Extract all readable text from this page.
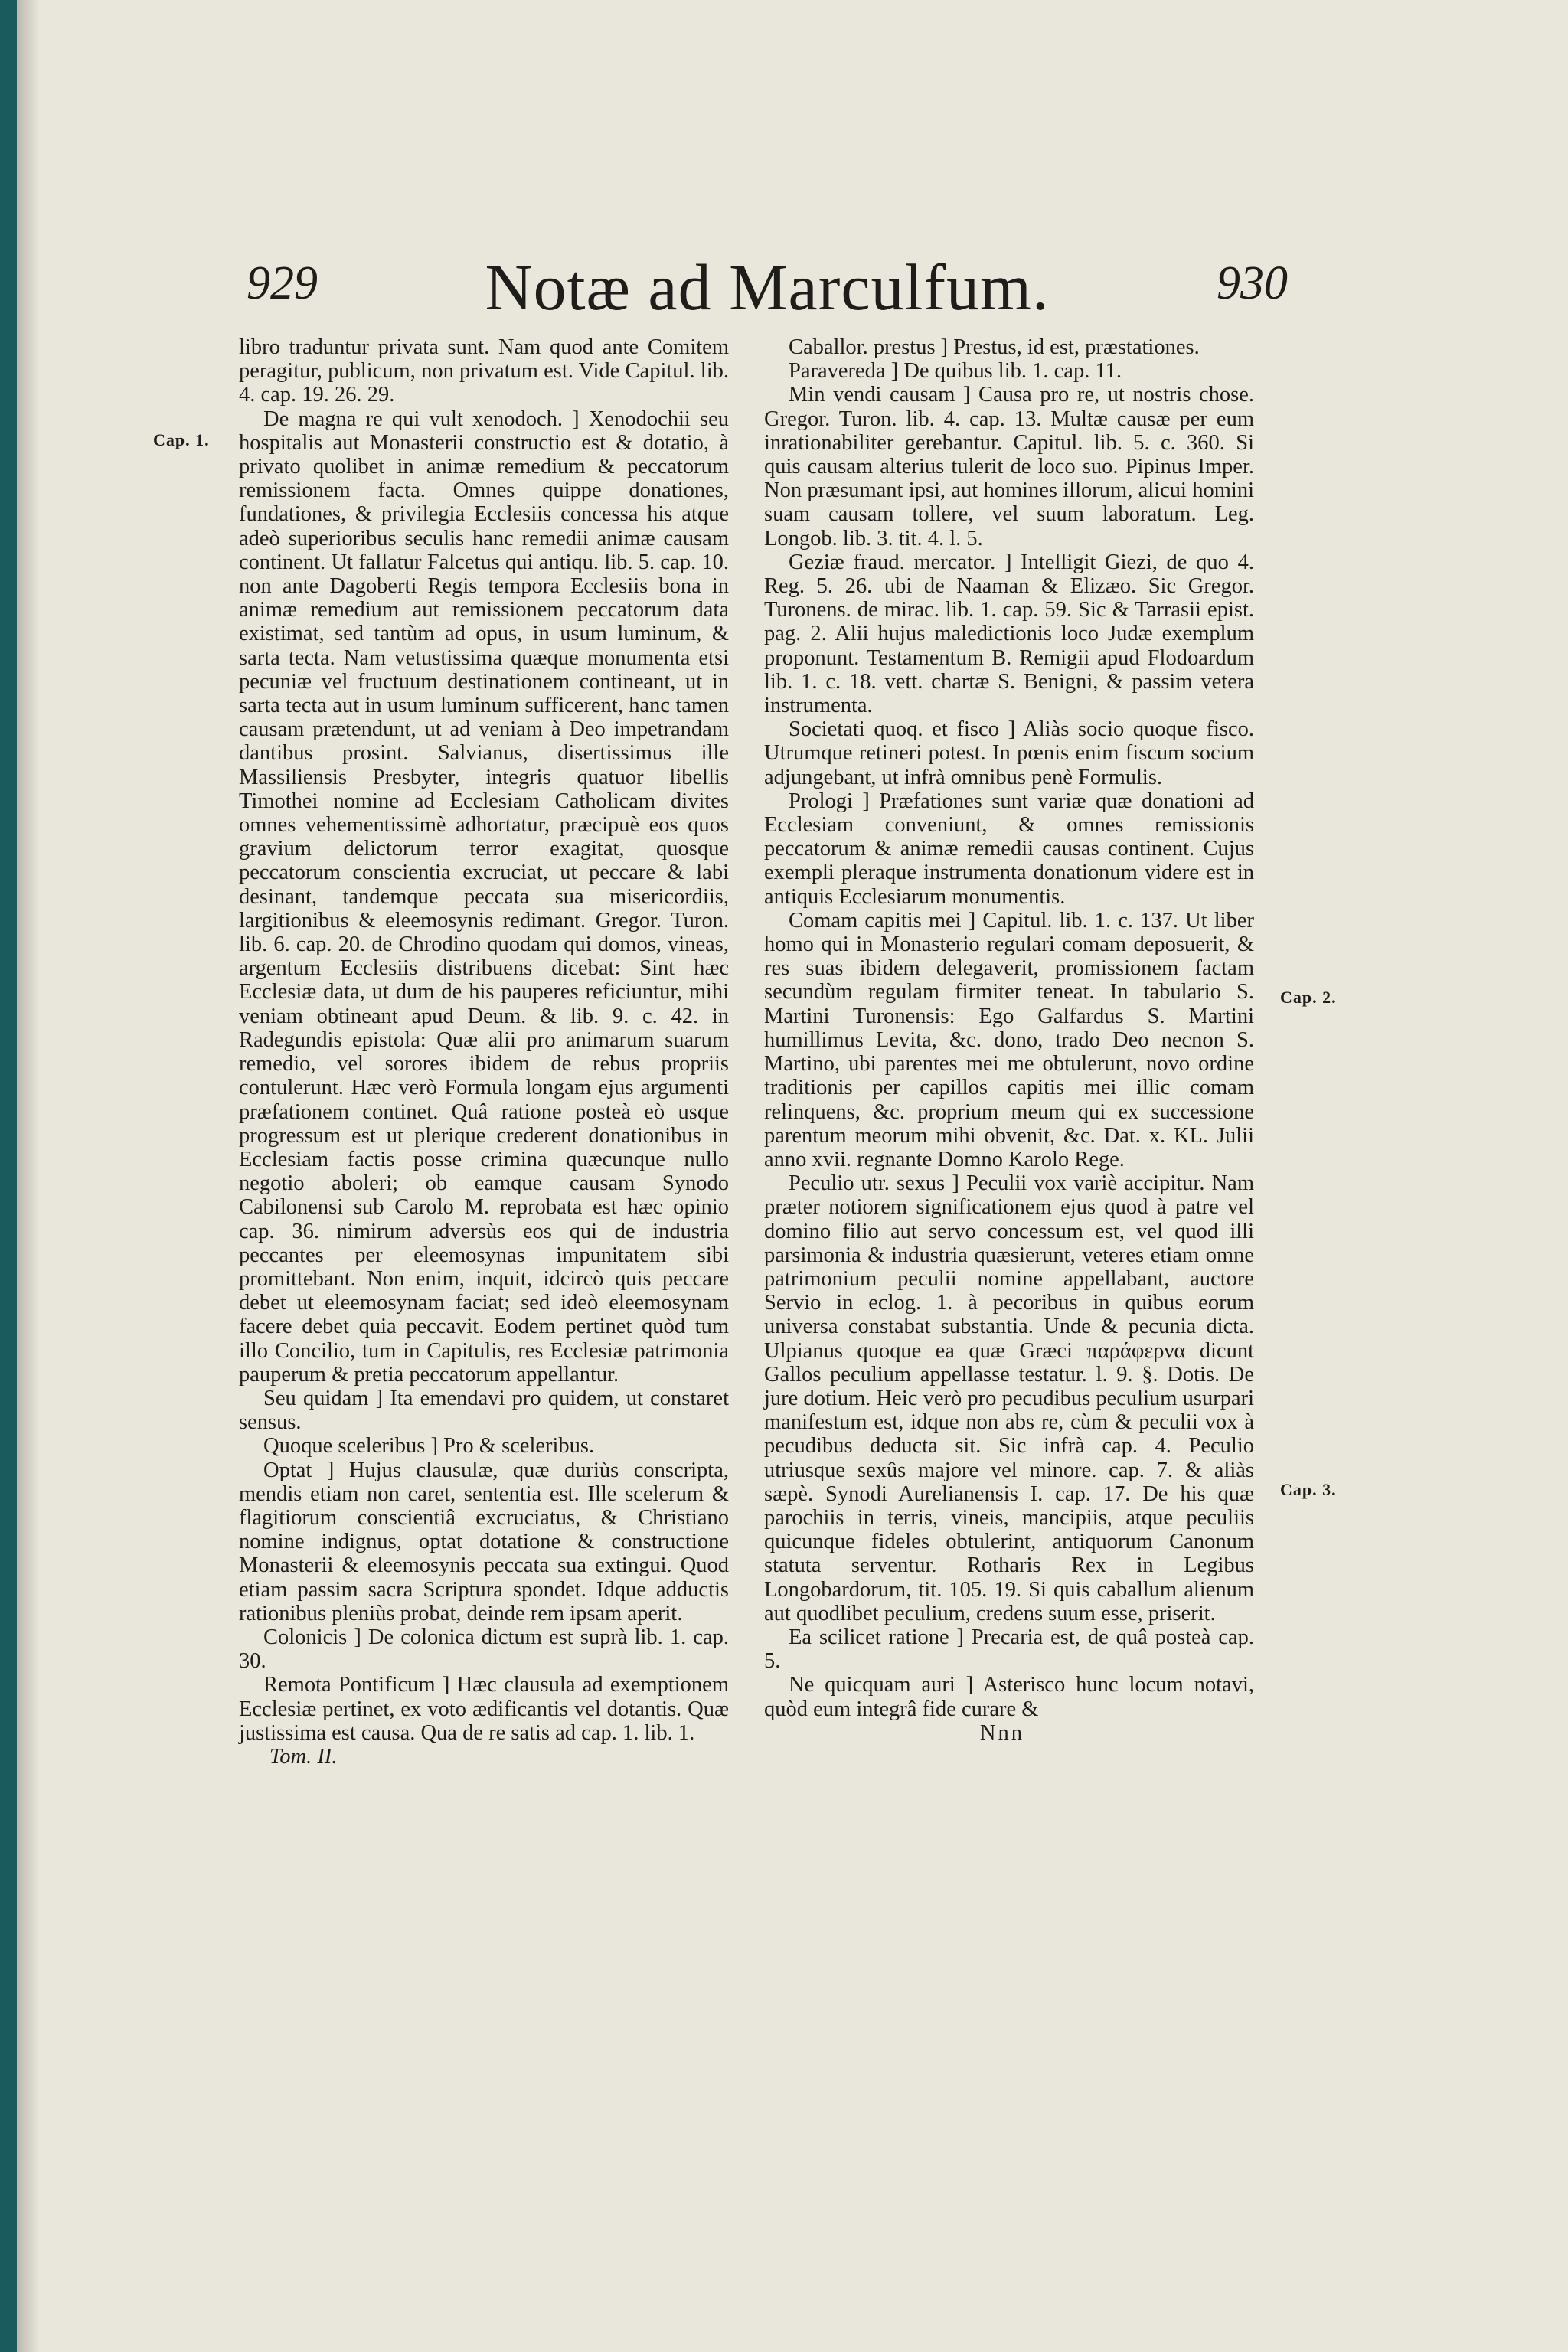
929	Notæ ad Marculfum.	930
Cap. 1.
Cap. 2.
Cap. 3.

libro traduntur privata sunt. Nam quod ante Comitem peragitur, publicum, non privatum est. Vide Capitul. lib. 4. cap. 19. 26. 29.

De magna re qui vult xenodoch. ] Xenodochii seu hospitalis aut Monasterii constructio est & dotatio, à privato quolibet in animæ remedium & peccatorum remissionem facta. Omnes quippe donationes, fundationes, & privilegia Ecclesiis concessa his atque adeò superioribus seculis hanc remedii animæ causam continent. Ut fallatur Falcetus qui antiqu. lib. 5. cap. 10. non ante Dagoberti Regis tempora Ecclesiis bona in animæ remedium aut remissionem peccatorum data existimat, sed tantùm ad opus, in usum luminum, & sarta tecta. Nam vetustissima quæque monumenta etsi pecuniæ vel fructuum destinationem contineant, ut in sarta tecta aut in usum luminum sufficerent, hanc tamen causam prætendunt, ut ad veniam à Deo impetrandam dantibus prosint. Salvianus, disertissimus ille Massiliensis Presbyter, integris quatuor libellis Timothei nomine ad Ecclesiam Catholicam divites omnes vehementissimè adhortatur, præcipuè eos quos gravium delictorum terror exagitat, quosque peccatorum conscientia excruciat, ut peccare & labi desinant, tandemque peccata sua misericordiis, largitionibus & eleemosynis redimant. Gregor. Turon. lib. 6. cap. 20. de Chrodino quodam qui domos, vineas, argentum Ecclesiis distribuens dicebat: Sint hæc Ecclesiæ data, ut dum de his pauperes reficiuntur, mihi veniam obtineant apud Deum. & lib. 9. c. 42. in Radegundis epistola: Quæ alii pro animarum suarum remedio, vel sorores ibidem de rebus propriis contulerunt. Hæc verò Formula longam ejus argumenti præfationem continet. Quâ ratione posteà eò usque progressum est ut plerique crederent donationibus in Ecclesiam factis posse crimina quæcunque nullo negotio aboleri; ob eamque causam Synodo Cabilonensi sub Carolo M. reprobata est hæc opinio cap. 36. nimirum adversùs eos qui de industria peccantes per eleemosynas impunitatem sibi promittebant. Non enim, inquit, idcircò quis peccare debet ut eleemosynam faciat; sed ideò eleemosynam facere debet quia peccavit. Eodem pertinet quòd tum illo Concilio, tum in Capitulis, res Ecclesiæ patrimonia pauperum & pretia peccatorum appellantur.

Seu quidam ] Ita emendavi pro quidem, ut constaret sensus.

Quoque sceleribus ] Pro & sceleribus.

Optat ] Hujus clausulæ, quæ duriùs conscripta, mendis etiam non caret, sententia est. Ille scelerum & flagitiorum conscientiâ excruciatus, & Christiano nomine indignus, optat dotatione & constructione Monasterii & eleemosynis peccata sua extingui. Quod etiam passim sacra Scriptura spondet. Idque adductis rationibus pleniùs probat, deinde rem ipsam aperit.

Colonicis ] De colonica dictum est suprà lib. 1. cap. 30.

Remota Pontificum ] Hæc clausula ad exemptionem Ecclesiæ pertinet, ex voto ædificantis vel dotantis. Quæ justissima est causa. Qua de re satis ad cap. 1. lib. 1.

Tom. II.

Caballor. prestus ] Prestus, id est, præstationes.

Paravereda ] De quibus lib. 1. cap. 11.

Min vendi causam ] Causa pro re, ut nostris chose. Gregor. Turon. lib. 4. cap. 13. Multæ causæ per eum inrationabiliter gerebantur. Capitul. lib. 5. c. 360. Si quis causam alterius tulerit de loco suo. Pipinus Imper. Non præsumant ipsi, aut homines illorum, alicui homini suam causam tollere, vel suum laboratum. Leg. Longob. lib. 3. tit. 4. l. 5.

Geziæ fraud. mercator. ] Intelligit Giezi, de quo 4. Reg. 5. 26. ubi de Naaman & Elizæo. Sic Gregor. Turonens. de mirac. lib. 1. cap. 59. Sic & Tarrasii epist. pag. 2. Alii hujus maledictionis loco Judæ exemplum proponunt. Testamentum B. Remigii apud Flodoardum lib. 1. c. 18. vett. chartæ S. Benigni, & passim vetera instrumenta.

Societati quoq. et fisco ] Aliàs socio quoque fisco. Utrumque retineri potest. In pœnis enim fiscum socium adjungebant, ut infrà omnibus penè Formulis.

Prologi ] Præfationes sunt variæ quæ donationi ad Ecclesiam conveniunt, & omnes remissionis peccatorum & animæ remedii causas continent. Cujus exempli pleraque instrumenta donationum videre est in antiquis Ecclesiarum monumentis.

Comam capitis mei ] Capitul. lib. 1. c. 137. Ut liber homo qui in Monasterio regulari comam deposuerit, & res suas ibidem delegaverit, promissionem factam secundùm regulam firmiter teneat. In tabulario S. Martini Turonensis: Ego Galfardus S. Martini humillimus Levita, &c. dono, trado Deo necnon S. Martino, ubi parentes mei me obtulerunt, novo ordine traditionis per capillos capitis mei illic comam relinquens, &c. proprium meum qui ex successione parentum meorum mihi obvenit, &c. Dat. x. KL. Julii anno xvii. regnante Domno Karolo Rege.

Peculio utr. sexus ] Peculii vox variè accipitur. Nam præter notiorem significationem ejus quod à patre vel domino filio aut servo concessum est, vel quod illi parsimonia & industria quæsierunt, veteres etiam omne patrimonium peculii nomine appellabant, auctore Servio in eclog. 1. à pecoribus in quibus eorum universa constabat substantia. Unde & pecunia dicta. Ulpianus quoque ea quæ Græci παράφερνα dicunt Gallos peculium appellasse testatur. l. 9. §. Dotis. De jure dotium. Heic verò pro pecudibus peculium usurpari manifestum est, idque non abs re, cùm & peculii vox à pecudibus deducta sit. Sic infrà cap. 4. Peculio utriusque sexûs majore vel minore. cap. 7. & aliàs sæpè. Synodi Aurelianensis I. cap. 17. De his quæ parochiis in terris, vineis, mancipiis, atque peculiis quicunque fideles obtulerint, antiquorum Canonum statuta serventur. Rotharis Rex in Legibus Longobardorum, tit. 105. 19. Si quis caballum alienum aut quodlibet peculium, credens suum esse, priserit.

Ea scilicet ratione ] Precaria est, de quâ posteà cap. 5.

Ne quicquam auri ] Asterisco hunc locum notavi, quòd eum integrâ fide curare &

Nnn
